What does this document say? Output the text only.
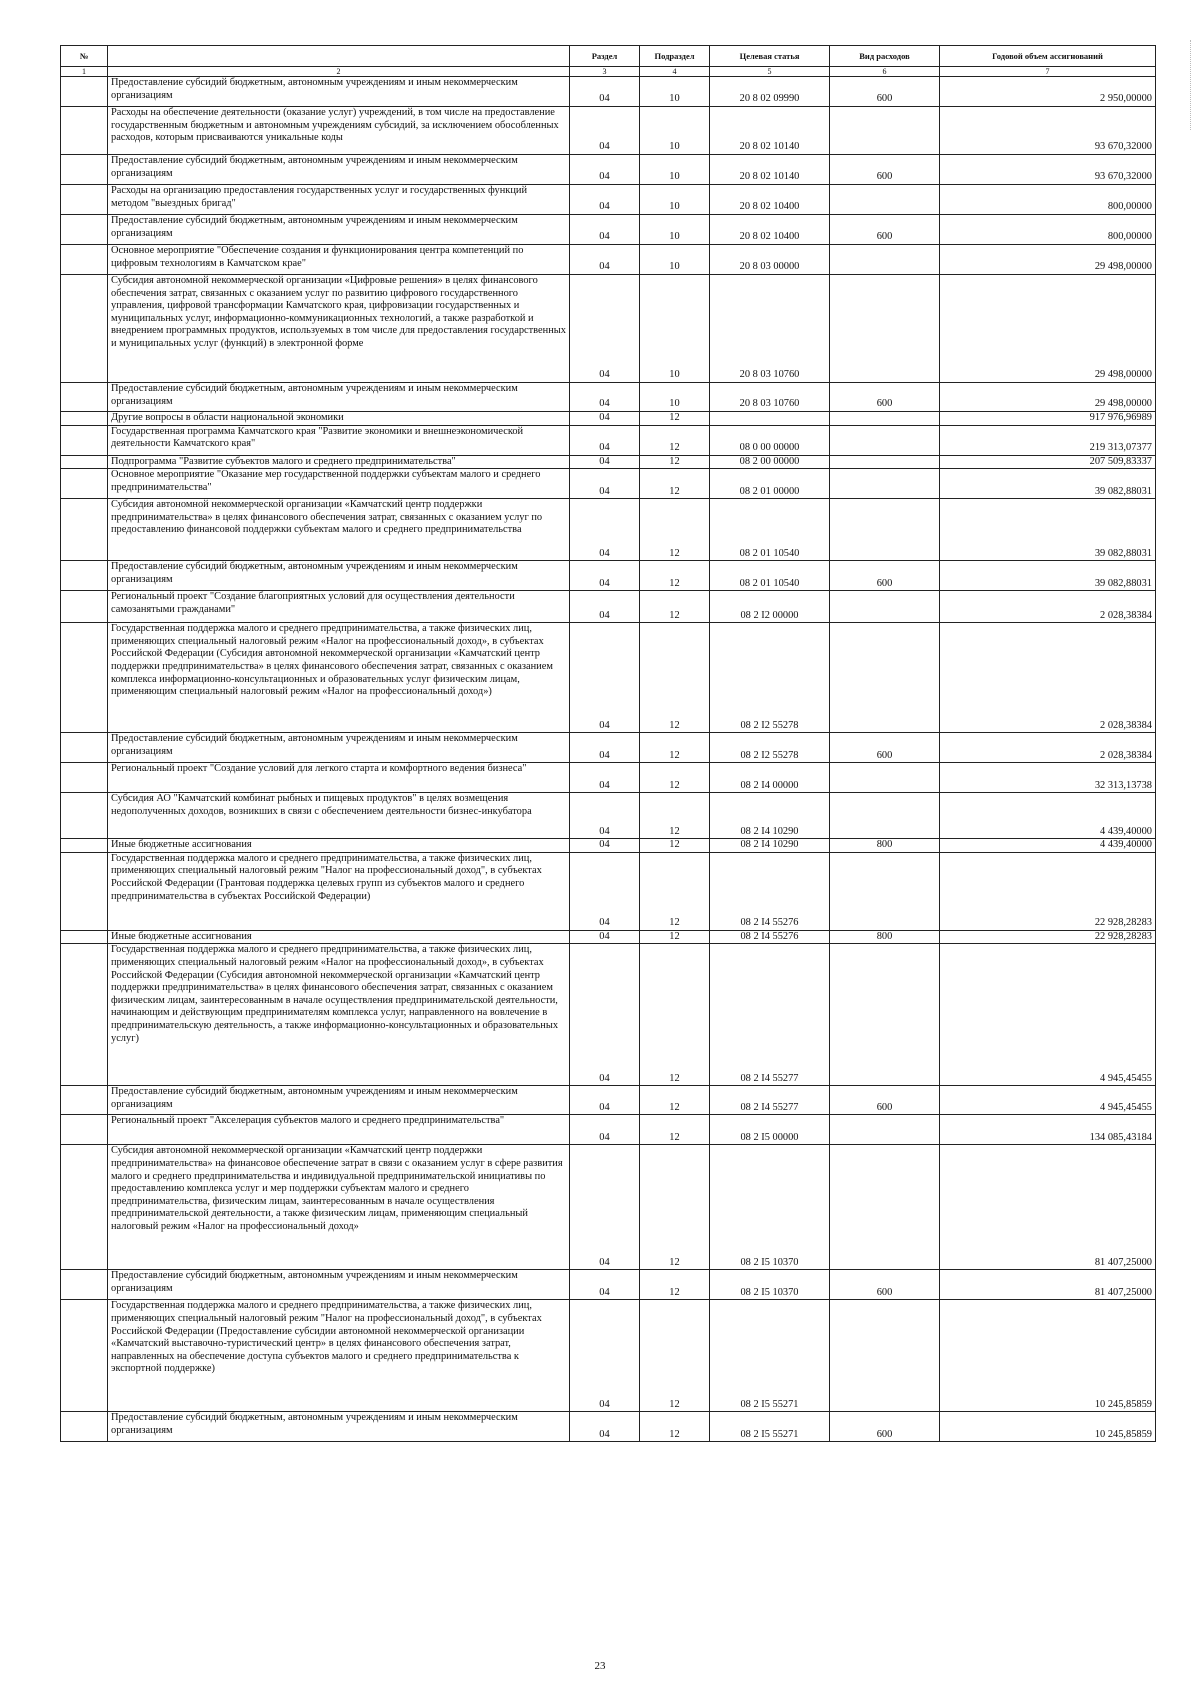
№		Раздел	Подраздел	Целевая статья	Вид расходов	Годовой объем ассигнований
1	2	3	4	5	6	7
	Предоставление субсидий бюджетным, автономным учреждениям и иным некоммерческим организациям	04	10	20 8 02 09990	600	2 950,00000
	Расходы на обеспечение деятельности (оказание услуг) учреждений, в том числе на предоставление государственным бюджетным и автономным учреждениям субсидий, за исключением обособленных расходов, которым присваиваются уникальные коды	04	10	20 8 02 10140		93 670,32000
	Предоставление субсидий бюджетным, автономным учреждениям и иным некоммерческим организациям	04	10	20 8 02 10140	600	93 670,32000
	Расходы на организацию предоставления государственных услуг и государственных функций методом "выездных бригад"	04	10	20 8 02 10400		800,00000
	Предоставление субсидий бюджетным, автономным учреждениям и иным некоммерческим организациям	04	10	20 8 02 10400	600	800,00000
	Основное мероприятие "Обеспечение создания и функционирования центра компетенций по цифровым технологиям в Камчатском крае"	04	10	20 8 03 00000		29 498,00000
	Субсидия автономной некоммерческой организации «Цифровые решения» в целях финансового обеспечения затрат, связанных с оказанием услуг по развитию цифрового государственного управления, цифровой трансформации Камчатского края, цифровизации государственных и муниципальных услуг, информационно-коммуникационных технологий, а также разработкой и внедрением программных продуктов, используемых в том числе для предоставления государственных и муниципальных услуг (функций) в электронной форме	04	10	20 8 03 10760		29 498,00000
	Предоставление субсидий бюджетным, автономным учреждениям и иным некоммерческим организациям	04	10	20 8 03 10760	600	29 498,00000
	Другие вопросы в области национальной экономики	04	12			917 976,96989
	Государственная программа Камчатского края "Развитие экономики и внешнеэкономической деятельности Камчатского края"	04	12	08 0 00 00000		219 313,07377
	Подпрограмма "Развитие субъектов малого и среднего предпринимательства"	04	12	08 2 00 00000		207 509,83337
	Основное мероприятие "Оказание мер государственной поддержки субъектам малого и среднего предпринимательства"	04	12	08 2 01 00000		39 082,88031
	Субсидия автономной некоммерческой организации «Камчатский центр поддержки предпринимательства» в целях финансового обеспечения затрат, связанных с оказанием услуг по предоставлению финансовой поддержки субъектам малого и среднего предпринимательства	04	12	08 2 01 10540		39 082,88031
	Предоставление субсидий бюджетным, автономным учреждениям и иным некоммерческим организациям	04	12	08 2 01 10540	600	39 082,88031
	Региональный проект "Создание благоприятных условий для осуществления деятельности самозанятыми гражданами"	04	12	08 2 I2 00000		2 028,38384
	Государственная поддержка малого и среднего предпринимательства, а также физических лиц, применяющих специальный налоговый режим «Налог на профессиональный доход», в субъектах Российской Федерации (Субсидия автономной некоммерческой организации «Камчатский центр поддержки предпринимательства» в целях финансового обеспечения затрат, связанных с оказанием комплекса информационно-консультационных и образовательных услуг физическим лицам, применяющим специальный налоговый режим «Налог на профессиональный доход»)	04	12	08 2 I2 55278		2 028,38384
	Предоставление субсидий бюджетным, автономным учреждениям и иным некоммерческим организациям	04	12	08 2 I2 55278	600	2 028,38384
	Региональный проект "Создание условий для легкого старта и комфортного ведения бизнеса"	04	12	08 2 I4 00000		32 313,13738
	Субсидия АО "Камчатский комбинат рыбных и пищевых продуктов" в целях возмещения недополученных доходов, возникших в связи с обеспечением деятельности бизнес-инкубатора	04	12	08 2 I4 10290		4 439,40000
	Иные бюджетные ассигнования	04	12	08 2 I4 10290	800	4 439,40000
	Государственная поддержка малого и среднего предпринимательства, а также физических лиц, применяющих специальный налоговый режим "Налог на профессиональный доход", в субъектах Российской Федерации (Грантовая поддержка целевых групп из субъектов малого и среднего предпринимательства в субъектах Российской Федерации)	04	12	08 2 I4 55276		22 928,28283
	Иные бюджетные ассигнования	04	12	08 2 I4 55276	800	22 928,28283
	Государственная поддержка малого и среднего предпринимательства, а также физических лиц, применяющих специальный налоговый режим «Налог на профессиональный доход», в субъектах Российской Федерации (Субсидия автономной некоммерческой организации «Камчатский центр поддержки предпринимательства» в целях финансового обеспечения затрат, связанных с оказанием физическим лицам, заинтересованным в начале осуществления предпринимательской деятельности, начинающим и действующим предпринимателям комплекса услуг, направленного на вовлечение в предпринимательскую деятельность, а также информационно-консультационных и образовательных услуг)	04	12	08 2 I4 55277		4 945,45455
	Предоставление субсидий бюджетным, автономным учреждениям и иным некоммерческим организациям	04	12	08 2 I4 55277	600	4 945,45455
	Региональный проект "Акселерация субъектов малого и среднего предпринимательства"	04	12	08 2 I5 00000		134 085,43184
	Субсидия автономной некоммерческой организации «Камчатский центр поддержки предпринимательства» на финансовое обеспечение затрат в связи с оказанием услуг в сфере развития малого и среднего предпринимательства и индивидуальной предпринимательской инициативы по предоставлению комплекса услуг и мер поддержки субъектам малого и среднего предпринимательства, физическим лицам, заинтересованным в начале осуществления предпринимательской деятельности, а также физическим лицам, применяющим специальный налоговый режим «Налог на профессиональный доход»	04	12	08 2 I5 10370		81 407,25000
	Предоставление субсидий бюджетным, автономным учреждениям и иным некоммерческим организациям	04	12	08 2 I5 10370	600	81 407,25000
	Государственная поддержка малого и среднего предпринимательства, а также физических лиц, применяющих специальный налоговый режим "Налог на профессиональный доход", в субъектах Российской Федерации (Предоставление субсидии автономной некоммерческой организации «Камчатский выставочно-туристический центр» в целях финансового обеспечения затрат, направленных на обеспечение доступа субъектов малого и среднего предпринимательства к экспортной поддержке)	04	12	08 2 I5 55271		10 245,85859
	Предоставление субсидий бюджетным, автономным учреждениям и иным некоммерческим организациям	04	12	08 2 I5 55271	600	10 245,85859
23
